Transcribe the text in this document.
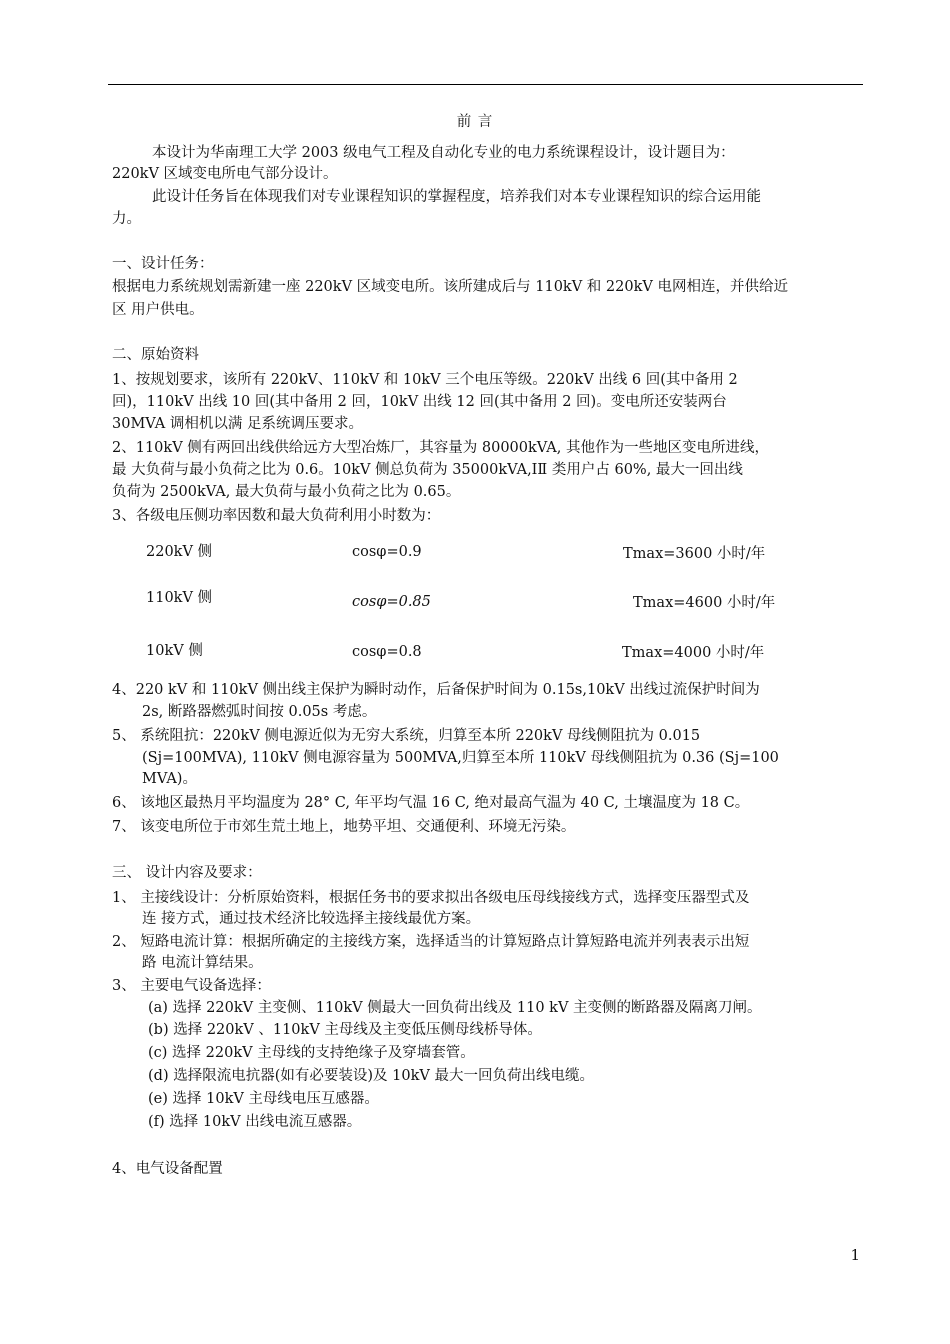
前 言
本设计为华南理工大学 2003 级电气工程及自动化专业的电力系统课程设计，设计题目为：
220kV 区域变电所电气部分设计。
此设计任务旨在体现我们对专业课程知识的掌握程度，培养我们对本专业课程知识的综合运用能
力。
一、设计任务：
根据电力系统规划需新建一座 220kV 区域变电所。该所建成后与 110kV 和 220kV 电网相连，并供给近
区 用户供电。
二、原始资料
1、按规划要求，该所有 220kV、110kV 和 10kV 三个电压等级。220kV 出线 6 回(其中备用 2
回)，110kV 出线 10 回(其中备用 2 回，10kV 出线 12 回(其中备用 2 回)。变电所还安装两台
30MVA 调相机以满 足系统调压要求。
2、110kV 侧有两回出线供给远方大型冶炼厂，其容量为 80000kVA, 其他作为一些地区变电所进线，
最 大负荷与最小负荷之比为 0.6。10kV 侧总负荷为 35000kVA,IⅡ 类用户占 60%, 最大一回出线
负荷为 2500kVA, 最大负荷与最小负荷之比为 0.65。
3、各级电压侧功率因数和最大负荷利用小时数为：
220kV 侧	cosφ=0.9	Tmax=3600 小时/年
110kV 侧	cosφ=0.85	Tmax=4600 小时/年
10kV 侧	cosφ=0.8	Tmax=4000 小时/年
4、220 kV 和 110kV 侧出线主保护为瞬时动作，后备保护时间为 0.15s,10kV 出线过流保护时间为
2s, 断路器燃弧时间按 0.05s 考虑。
5、 系统阻抗：220kV 侧电源近似为无穷大系统，归算至本所 220kV 母线侧阻抗为 0.015
(Sj=100MVA), 110kV 侧电源容量为 500MVA,归算至本所 110kV 母线侧阻抗为 0.36 (Sj=100
MVA)。
6、 该地区最热月平均温度为 28° C, 年平均气温 16 C, 绝对最高气温为 40 C, 土壤温度为 18 C。
7、 该变电所位于市郊生荒土地上，地势平坦、交通便利、环境无污染。
三、 设计内容及要求：
1、 主接线设计：分析原始资料，根据任务书的要求拟出各级电压母线接线方式，选择变压器型式及
连 接方式，通过技术经济比较选择主接线最优方案。
2、 短路电流计算：根据所确定的主接线方案，选择适当的计算短路点计算短路电流并列表表示出短
路 电流计算结果。
3、 主要电气设备选择：
(a) 选择 220kV 主变侧、110kV 侧最大一回负荷出线及 110 kV 主变侧的断路器及隔离刀闸。
(b) 选择 220kV 、110kV 主母线及主变低压侧母线桥导体。
(c) 选择 220kV 主母线的支持绝缘子及穿墙套管。
(d) 选择限流电抗器(如有必要装设)及 10kV 最大一回负荷出线电缆。
(e) 选择 10kV 主母线电压互感器。
(f) 选择 10kV 出线电流互感器。
4、电气设备配置
1
